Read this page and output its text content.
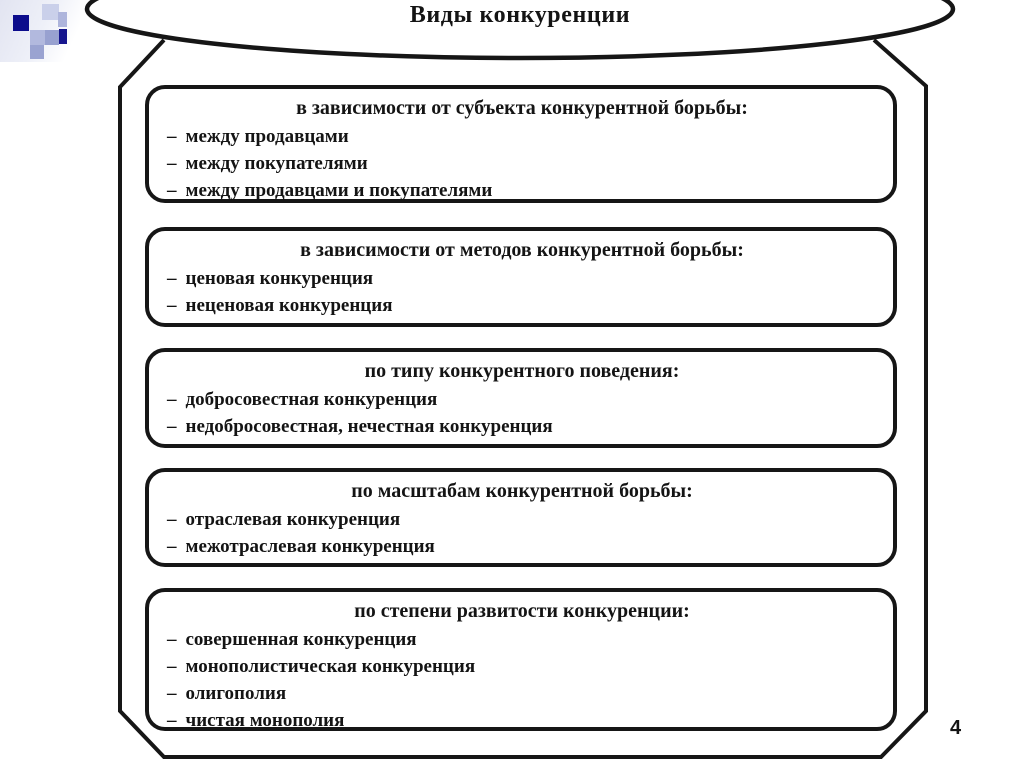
Виды конкуренции
в зависимости от субъекта конкурентной борьбы:
– между продавцами
– между покупателями
– между продавцами и покупателями
в зависимости от методов конкурентной борьбы:
– ценовая конкуренция
– неценовая конкуренция
по типу конкурентного поведения:
– добросовестная конкуренция
– недобросовестная, нечестная конкуренция
по масштабам конкурентной борьбы:
– отраслевая конкуренция
– межотраслевая конкуренция
по степени развитости конкуренции:
– совершенная конкуренция
– монополистическая конкуренция
– олигополия
– чистая монополия	4
